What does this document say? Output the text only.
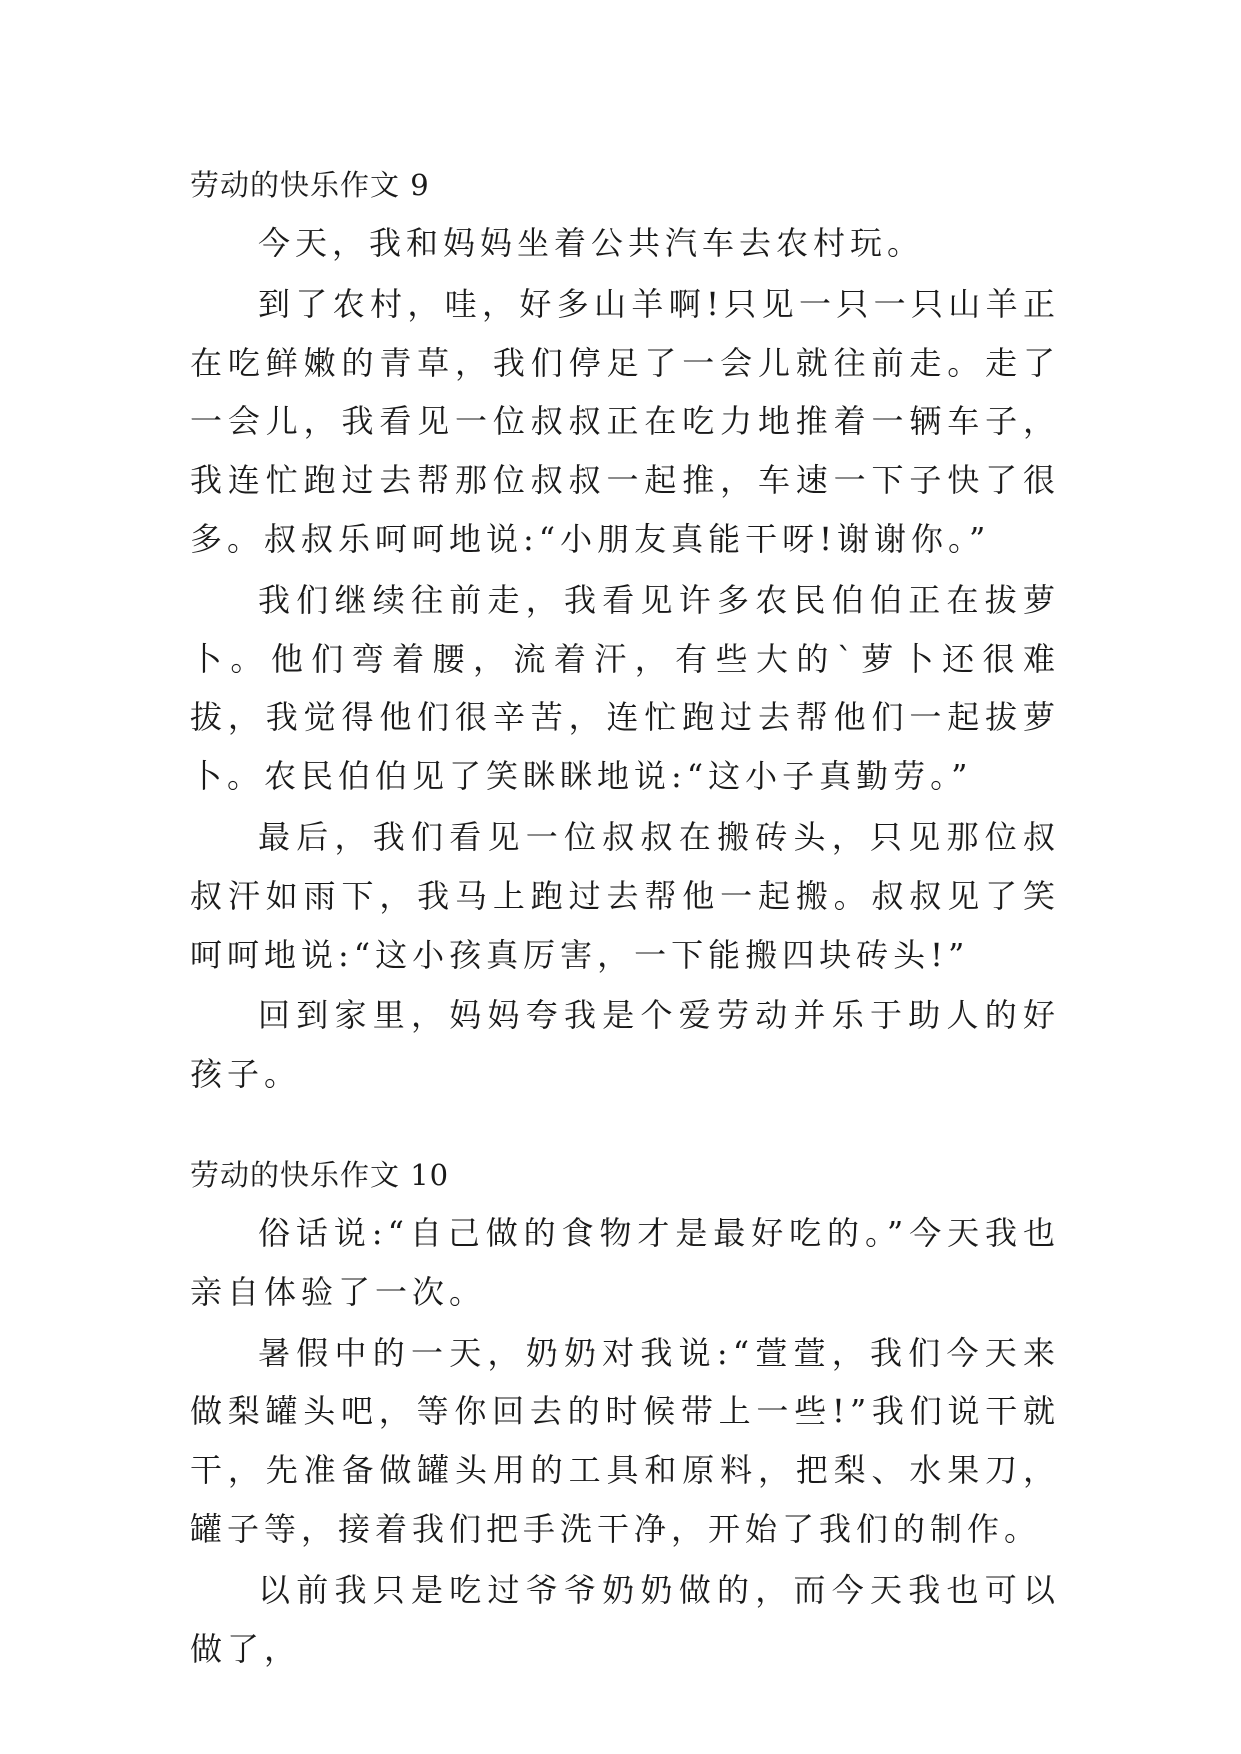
劳动的快乐作文 9

今天，我和妈妈坐着公共汽车去农村玩。

到了农村，哇，好多山羊啊!只见一只一只山羊正在吃鲜嫩的青草，我们停足了一会儿就往前走。走了一会儿，我看见一位叔叔正在吃力地推着一辆车子，我连忙跑过去帮那位叔叔一起推，车速一下子快了很多。叔叔乐呵呵地说:“小朋友真能干呀!谢谢你。”

我们继续往前走，我看见许多农民伯伯正在拔萝卜。他们弯着腰，流着汗，有些大的`萝卜还很难拔，我觉得他们很辛苦，连忙跑过去帮他们一起拔萝卜。农民伯伯见了笑眯眯地说:“这小子真勤劳。”

最后，我们看见一位叔叔在搬砖头，只见那位叔叔汗如雨下，我马上跑过去帮他一起搬。叔叔见了笑呵呵地说:“这小孩真厉害，一下能搬四块砖头!”

回到家里，妈妈夸我是个爱劳动并乐于助人的好孩子。

劳动的快乐作文 10

俗话说:“自己做的食物才是最好吃的。”今天我也亲自体验了一次。

暑假中的一天，奶奶对我说:“萱萱，我们今天来做梨罐头吧，等你回去的时候带上一些!”我们说干就干，先准备做罐头用的工具和原料，把梨、水果刀，罐子等，接着我们把手洗干净，开始了我们的制作。

以前我只是吃过爷爷奶奶做的，而今天我也可以做了，
